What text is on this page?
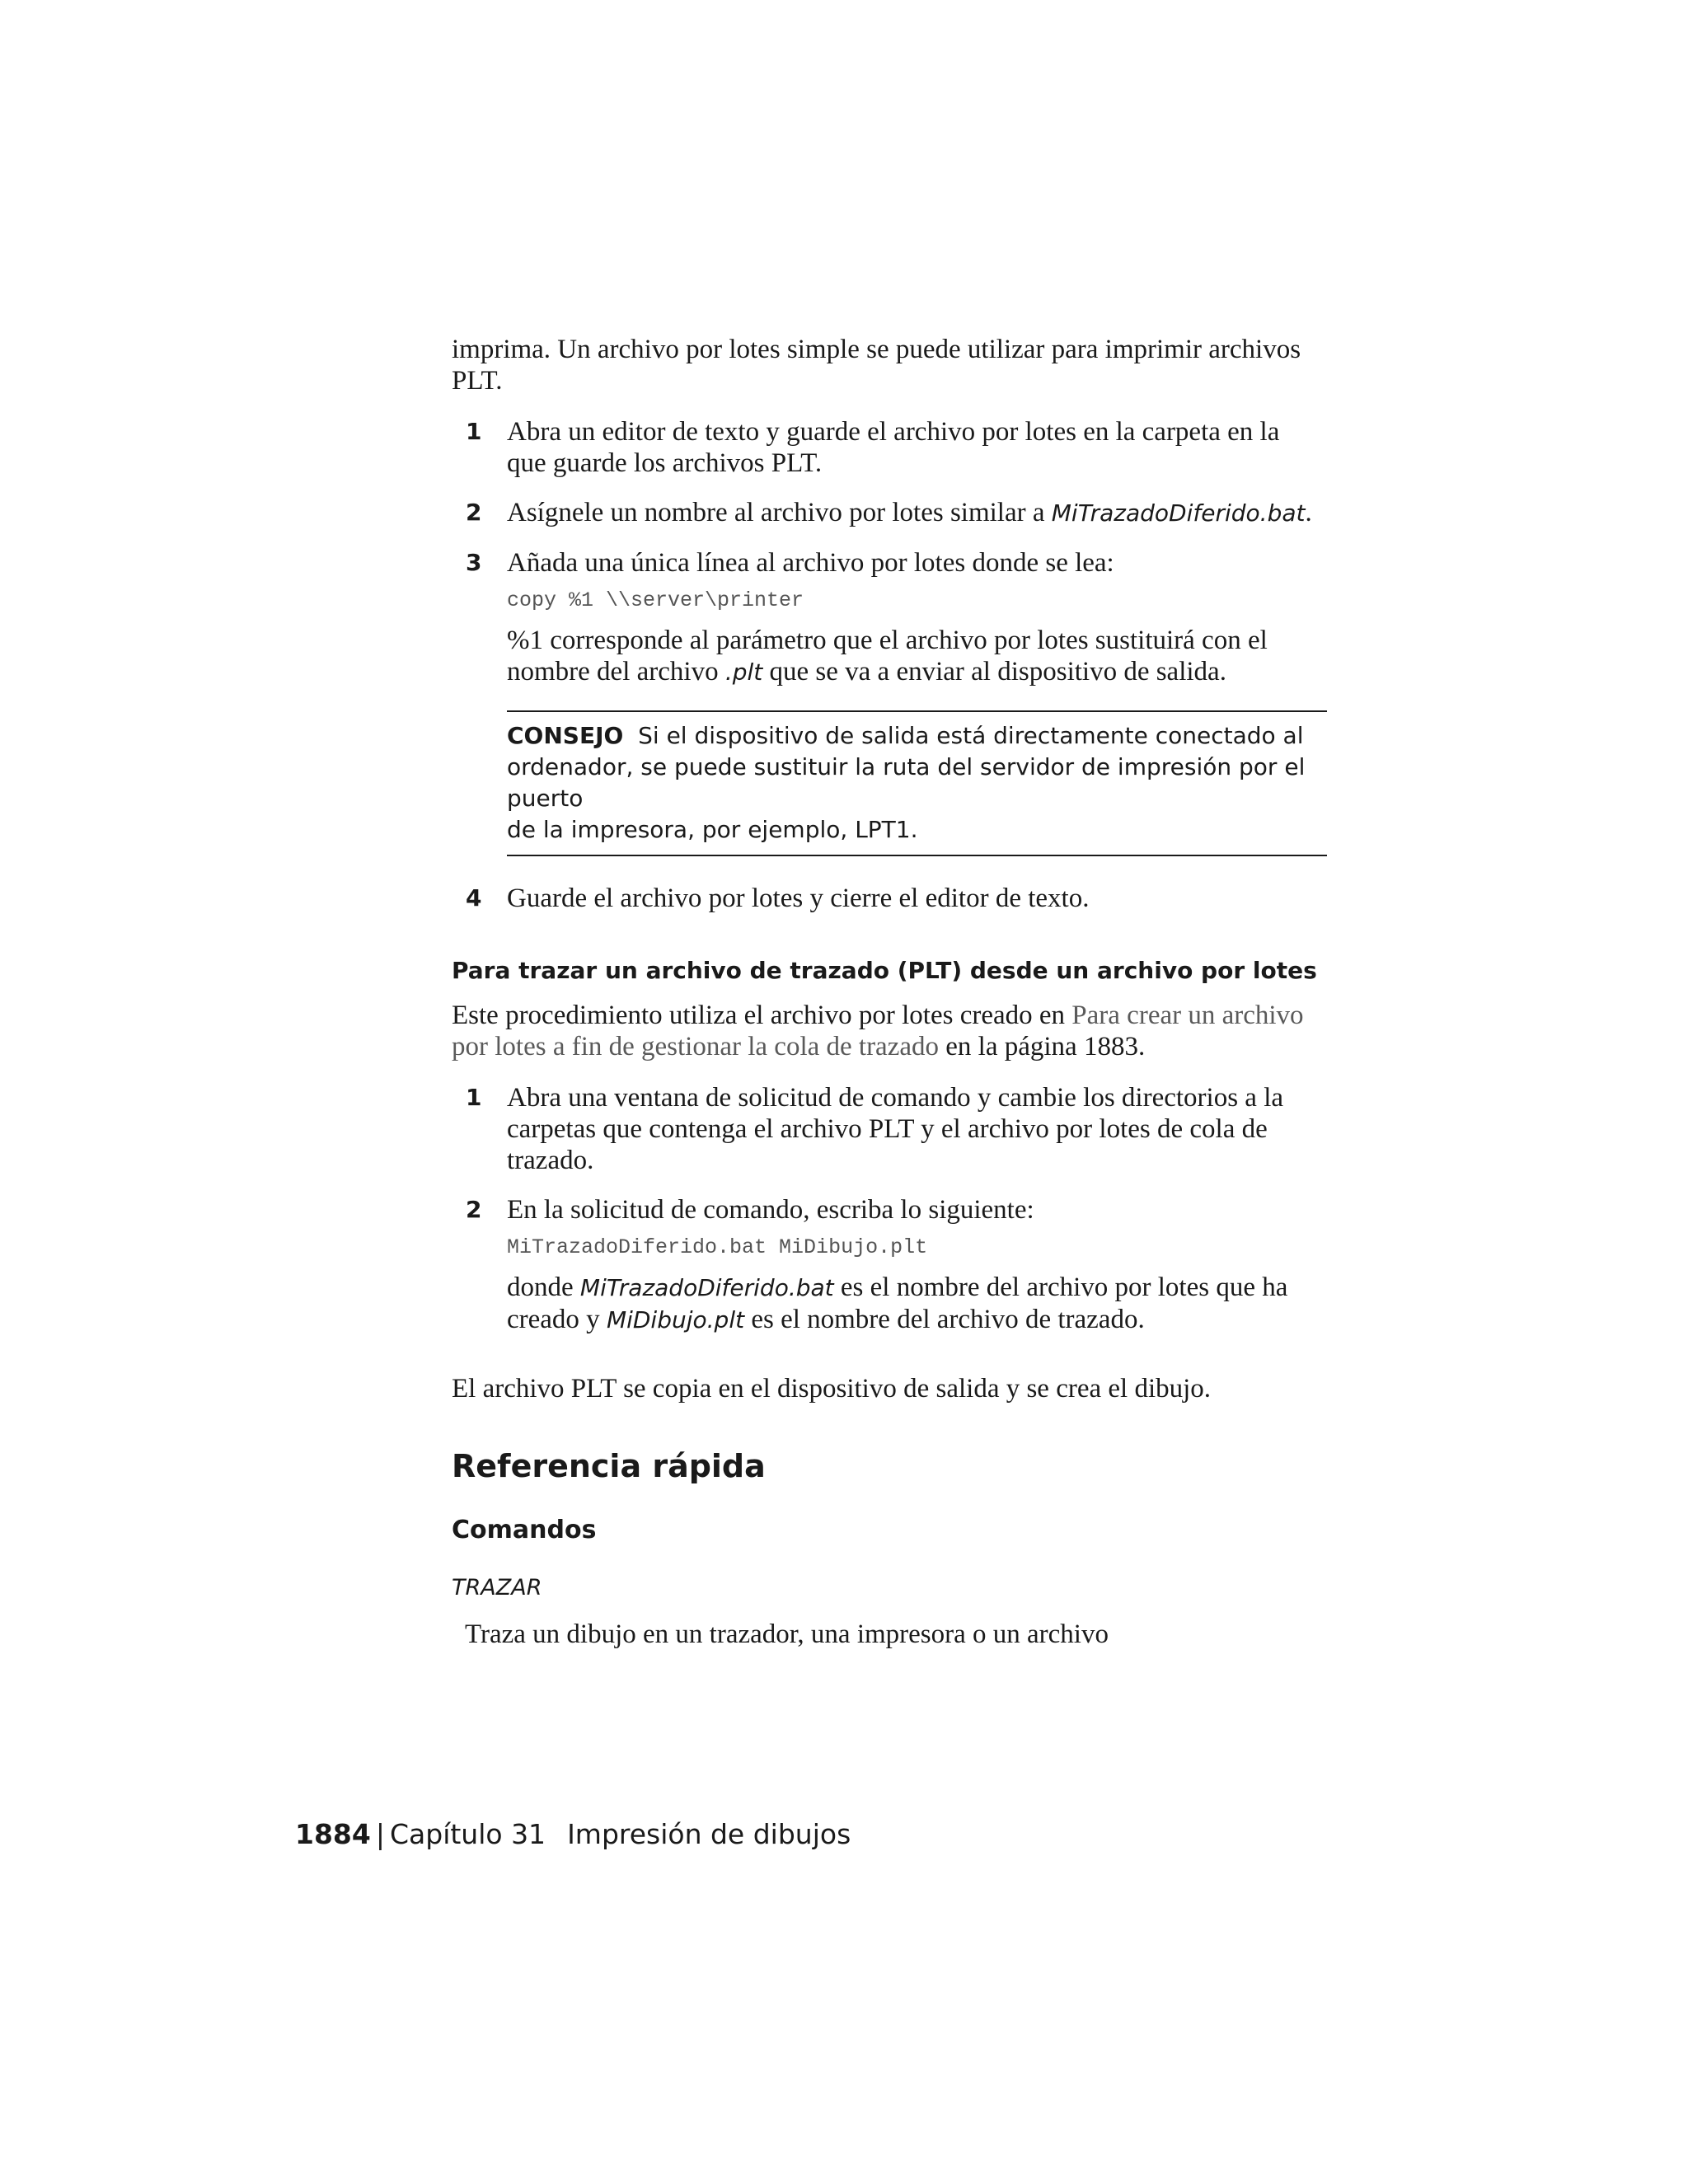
imprima. Un archivo por lotes simple se puede utilizar para imprimir archivos
PLT.

1 Abra un editor de texto y guarde el archivo por lotes en la carpeta en la
que guarde los archivos PLT.
2 Asígnele un nombre al archivo por lotes similar a MiTrazadoDiferido.bat.
3 Añada una única línea al archivo por lotes donde se lea:
copy %1 \\server\printer
%1 corresponde al parámetro que el archivo por lotes sustituirá con el
nombre del archivo .plt que se va a enviar al dispositivo de salida.
CONSEJO Si el dispositivo de salida está directamente conectado al
ordenador, se puede sustituir la ruta del servidor de impresión por el puerto
de la impresora, por ejemplo, LPT1.
4 Guarde el archivo por lotes y cierre el editor de texto.

Para trazar un archivo de trazado (PLT) desde un archivo por lotes

Este procedimiento utiliza el archivo por lotes creado en Para crear un archivo
por lotes a fin de gestionar la cola de trazado en la página 1883.

1 Abra una ventana de solicitud de comando y cambie los directorios a la
carpetas que contenga el archivo PLT y el archivo por lotes de cola de
trazado.
2 En la solicitud de comando, escriba lo siguiente:
MiTrazadoDiferido.bat MiDibujo.plt
donde MiTrazadoDiferido.bat es el nombre del archivo por lotes que ha
creado y MiDibujo.plt es el nombre del archivo de trazado.

El archivo PLT se copia en el dispositivo de salida y se crea el dibujo.

Referencia rápida
Comandos

TRAZAR

Traza un dibujo en un trazador, una impresora o un archivo

1884 | Capítulo 31 Impresión de dibujos
